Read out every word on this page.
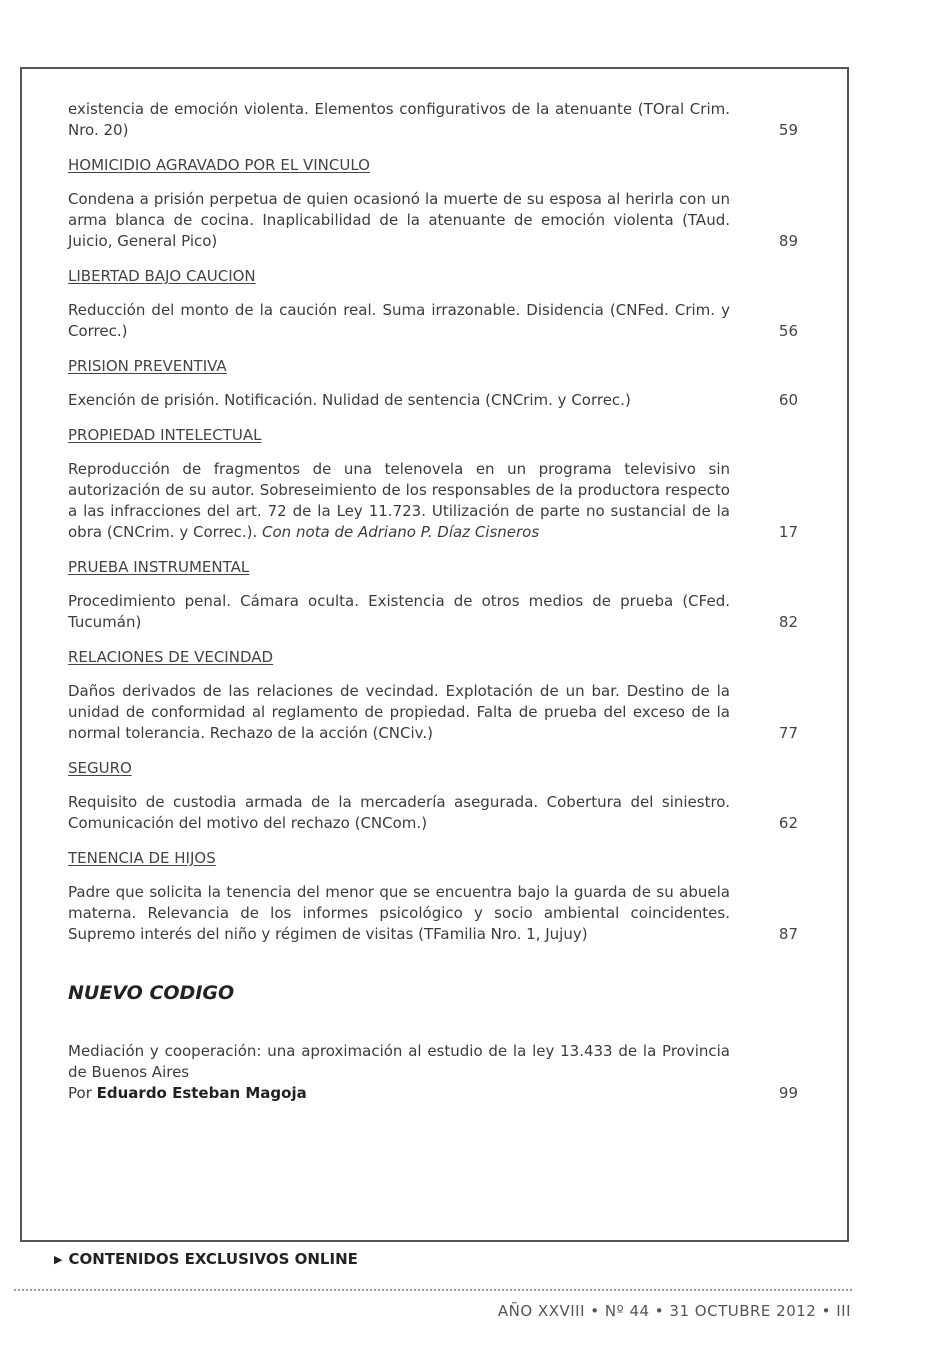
existencia de emoción violenta. Elementos configurativos de la atenuante (TOral Crim. Nro. 20)	59
HOMICIDIO AGRAVADO POR EL VINCULO
Condena a prisión perpetua de quien ocasionó la muerte de su esposa al herirla con un arma blanca de cocina. Inaplicabilidad de la atenuante de emoción violenta (TAud. Juicio, General Pico)	89
LIBERTAD BAJO CAUCION
Reducción del monto de la caución real. Suma irrazonable. Disidencia (CNFed. Crim. y Correc.)	56
PRISION PREVENTIVA
Exención de prisión. Notificación. Nulidad de sentencia (CNCrim. y Correc.)	60
PROPIEDAD INTELECTUAL
Reproducción de fragmentos de una telenovela en un programa televisivo sin autorización de su autor. Sobreseimiento de los responsables de la productora respecto a las infracciones del art. 72 de la Ley 11.723. Utilización de parte no sustancial de la obra (CNCrim. y Correc.). Con nota de Adriano P. Díaz Cisneros	17
PRUEBA INSTRUMENTAL
Procedimiento penal. Cámara oculta. Existencia de otros medios de prueba (CFed. Tucumán)	82
RELACIONES DE VECINDAD
Daños derivados de las relaciones de vecindad. Explotación de un bar. Destino de la unidad de conformidad al reglamento de propiedad. Falta de prueba del exceso de la normal tolerancia. Rechazo de la acción (CNCiv.)	77
SEGURO
Requisito de custodia armada de la mercadería asegurada. Cobertura del siniestro. Comunicación del motivo del rechazo (CNCom.)	62
TENENCIA DE HIJOS
Padre que solicita la tenencia del menor que se encuentra bajo la guarda de su abuela materna. Relevancia de los informes psicológico y socio ambiental coincidentes. Supremo interés del niño y régimen de visitas (TFamilia Nro. 1, Jujuy)	87
NUEVO CODIGO
Mediación y cooperación: una aproximación al estudio de la ley 13.433 de la Provincia de Buenos Aires
Por Eduardo Esteban Magoja	99
▶ CONTENIDOS EXCLUSIVOS ONLINE
AÑO XXVIII • Nº 44 • 31 OCTUBRE 2012 • III
